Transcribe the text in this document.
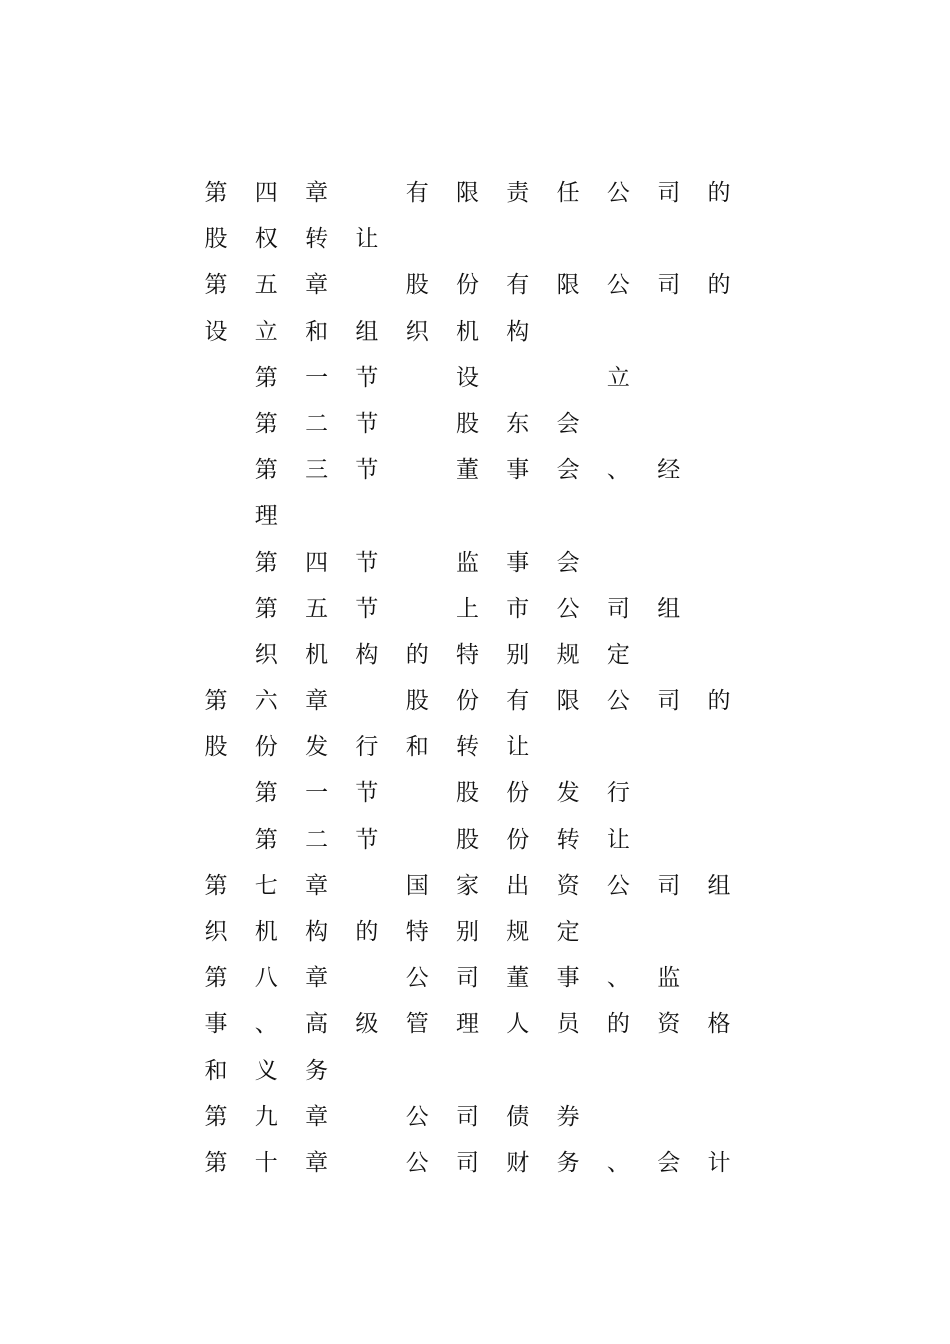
第	四	章	有	限	责	任	公	司	的
股	权	转	让
第	五	章	股	份	有	限	公	司	的
设	立	和	组	织	机	构
第	一	节	设	立
第	二	节	股	东	会
第	三	节	董	事	会	、	经
理
第	四	节	监	事	会
第	五	节	上	市	公	司	组
织	机	构	的	特	别	规	定
第	六	章	股	份	有	限	公	司	的
股	份	发	行	和	转	让
第	一	节	股	份	发	行
第	二	节	股	份	转	让
第	七	章	国	家	出	资	公	司	组
织	机	构	的	特	别	规	定
第	八	章	公	司	董	事	、	监
事	、	高	级	管	理	人	员	的	资	格
和	义	务
第	九	章	公	司	债	券
第	十	章	公	司	财	务	、	会	计
